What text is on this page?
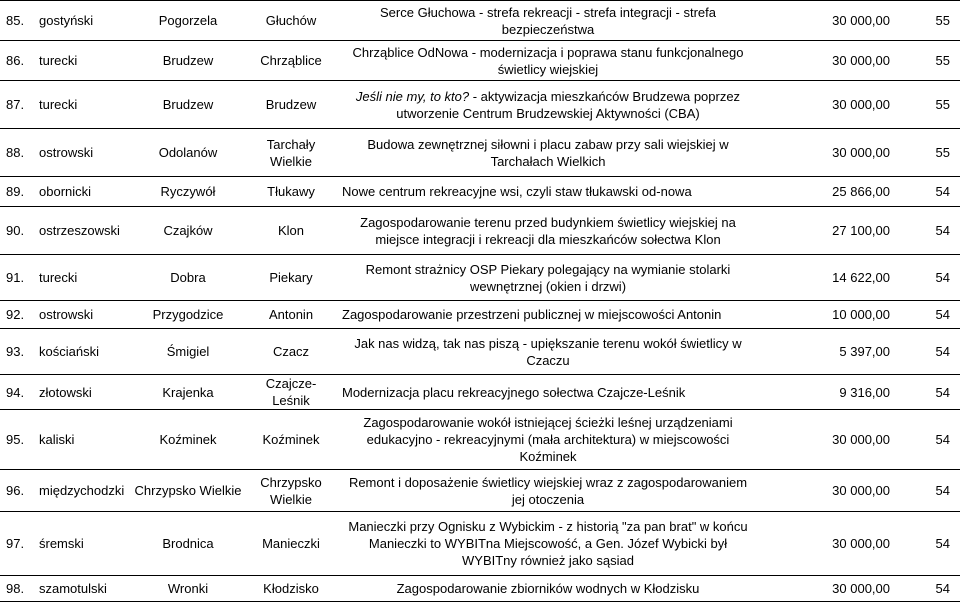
85.	gostyński	Pogorzela	Głuchów	Serce Głuchowa - strefa rekreacji - strefa integracji - strefa bezpieczeństwa	30 000,00	55
86.	turecki	Brudzew	Chrząblice	Chrząblice OdNowa - modernizacja i poprawa stanu funkcjonalnego świetlicy wiejskiej	30 000,00	55
87.	turecki	Brudzew	Brudzew	Jeśli nie my, to kto? - aktywizacja mieszkańców Brudzewa poprzez utworzenie Centrum Brudzewskiej Aktywności (CBA)	30 000,00	55
88.	ostrowski	Odolanów	Tarchały Wielkie	Budowa zewnętrznej siłowni i placu zabaw przy sali wiejskiej w Tarchałach Wielkich	30 000,00	55
89.	obornicki	Ryczywół	Tłukawy	Nowe centrum rekreacyjne wsi, czyli staw tłukawski od-nowa	25 866,00	54
90.	ostrzeszowski	Czajków	Klon	Zagospodarowanie terenu przed budynkiem świetlicy wiejskiej na miejsce integracji i rekreacji dla mieszkańców sołectwa Klon	27 100,00	54
91.	turecki	Dobra	Piekary	Remont strażnicy OSP Piekary polegający na wymianie stolarki wewnętrznej (okien i drzwi)	14 622,00	54
92.	ostrowski	Przygodzice	Antonin	Zagospodarowanie przestrzeni publicznej w miejscowości Antonin	10 000,00	54
93.	kościański	Śmigiel	Czacz	Jak nas widzą, tak nas piszą - upiększanie terenu wokół świetlicy w Czaczu	5 397,00	54
94.	złotowski	Krajenka	Czajcze-Leśnik	Modernizacja placu rekreacyjnego sołectwa Czajcze-Leśnik	9 316,00	54
95.	kaliski	Koźminek	Koźminek	Zagospodarowanie wokół istniejącej ścieżki leśnej urządzeniami edukacyjno - rekreacyjnymi (mała architektura) w miejscowości Koźminek	30 000,00	54
96.	międzychodzki	Chrzypsko Wielkie	Chrzypsko Wielkie	Remont i doposażenie świetlicy wiejskiej wraz z zagospodarowaniem jej otoczenia	30 000,00	54
97.	śremski	Brodnica	Manieczki	Manieczki przy Ognisku z Wybickim - z historią "za pan brat" w końcu Manieczki to WYBITna Miejscowość, a Gen. Józef Wybicki był WYBITny również jako sąsiad	30 000,00	54
98.	szamotulski	Wronki	Kłodzisko	Zagospodarowanie zbiorników wodnych w Kłodzisku	30 000,00	54
